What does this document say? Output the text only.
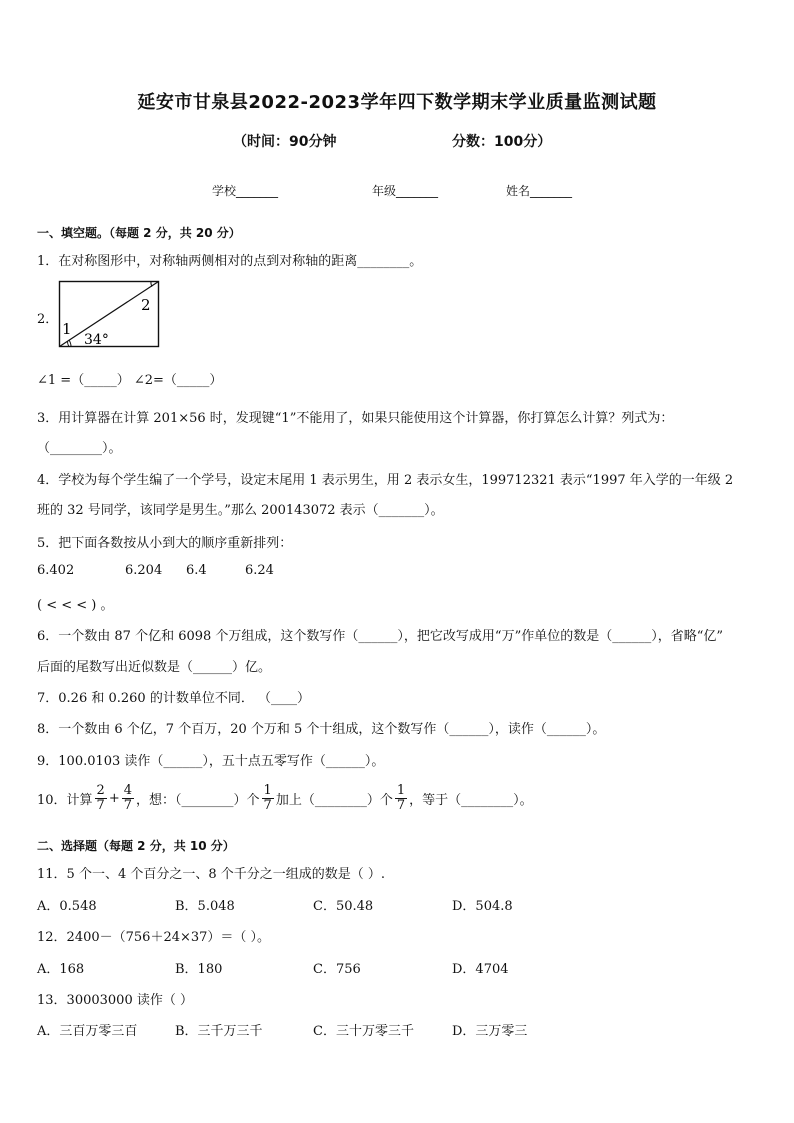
延安市甘泉县2022-2023学年四下数学期末学业质量监测试题
（时间：90分钟	分数：100分）
学校_______	年级_______	姓名_______
一、填空题。（每题 2 分，共 20 分）
1．在对称图形中，对称轴两侧相对的点到对称轴的距离________。
2．
1
2
34°
∠1 =（_____） ∠2=（_____）
3．用计算器在计算 201×56 时，发现键“1”不能用了，如果只能使用这个计算器，你打算怎么计算？列式为：
（________）。
4．学校为每个学生编了一个学号，设定末尾用 1 表示男生，用 2 表示女生，199712321 表示“1997 年入学的一年级 2
班的 32 号同学，该同学是男生。”那么 200143072 表示（_______）。
5．把下面各数按从小到大的顺序重新排列：
6.402	6.204 6.4	6.24
( < < < ) 。
6．一个数由 87 个亿和 6098 个万组成，这个数写作（______），把它改写成用“万”作单位的数是（______），省略“亿”
后面的尾数写出近似数是（______）亿。
7．0.26 和 0.260 的计数单位不同． （____）
8．一个数由 6 个亿，7 个百万，20 个万和 5 个十组成，这个数写作（______），读作（______）。
9．100.0103 读作（______），五十点五零写作（______）。
10．计算 $\frac{2}{7} + \frac{4}{7}$ ，想：（________）个 $\frac{1}{7}$ 加上（________）个 $\frac{1}{7}$ ，等于（________）。
二、选择题（每题 2 分，共 10 分）
11．5 个一、4 个百分之一、8 个千分之一组成的数是（ ）.
A．0.548	B．5.048	C．50.48	D．504.8
12．2400－（756＋24×37）＝（ ）。
A．168	B．180	C．756	D．4704
13．30003000 读作（ ）
A．三百万零三百	B．三千万三千	C．三十万零三千	D．三万零三
